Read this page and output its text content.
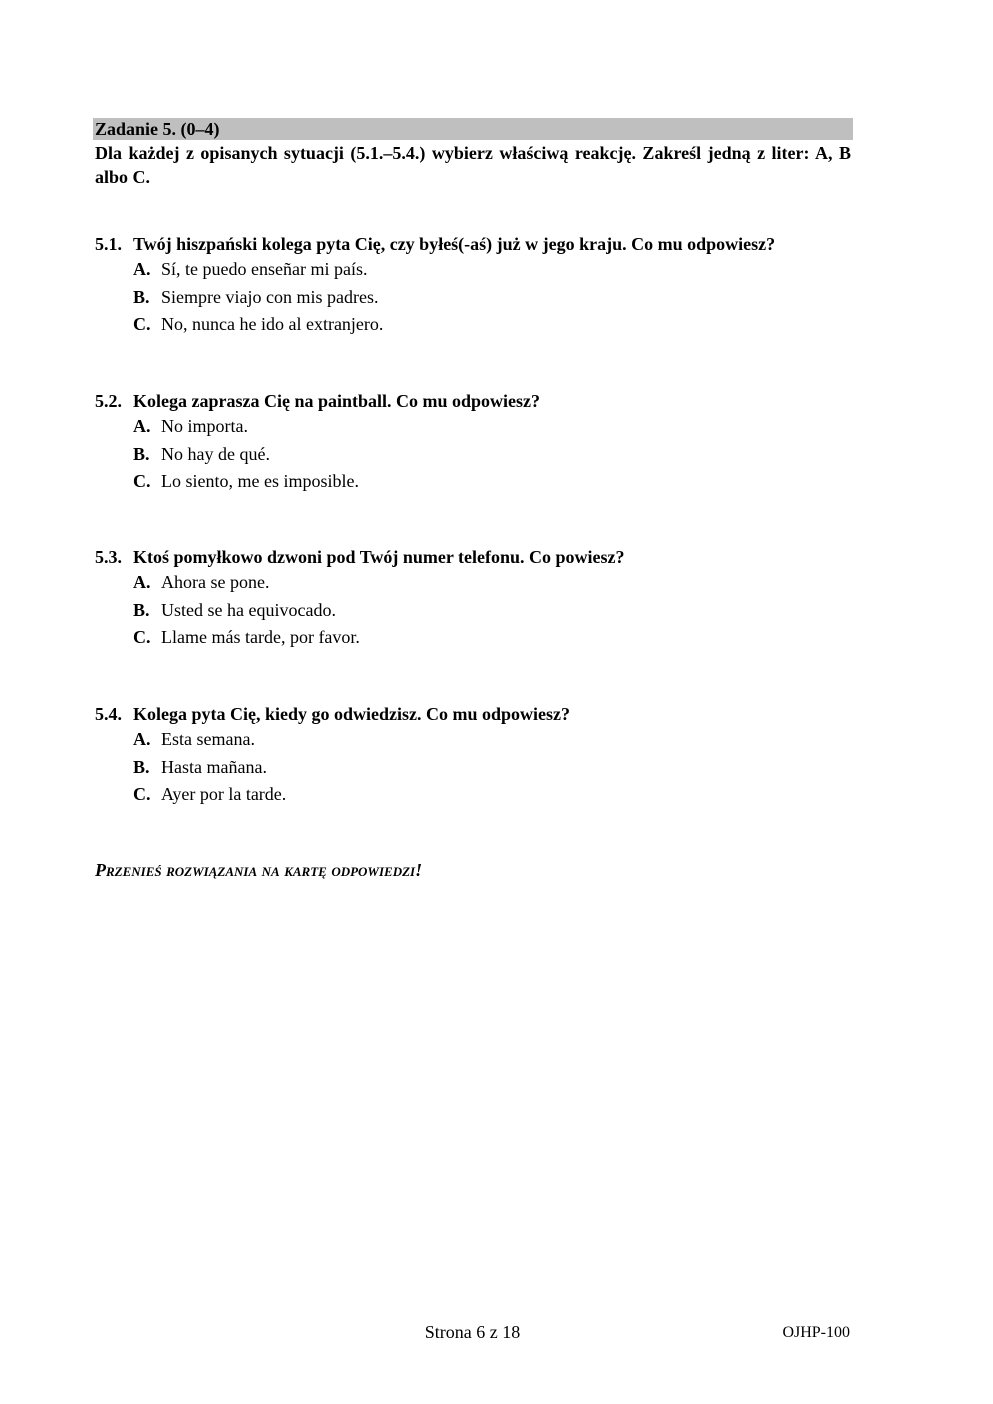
Zadanie 5. (0–4)
Dla każdej z opisanych sytuacji (5.1.–5.4.) wybierz właściwą reakcję. Zakreśl jedną z liter: A, B albo C.
5.1. Twój hiszpański kolega pyta Cię, czy byłeś(-aś) już w jego kraju. Co mu odpowiesz?
A. Sí, te puedo enseñar mi país.
B. Siempre viajo con mis padres.
C. No, nunca he ido al extranjero.
5.2. Kolega zaprasza Cię na paintball. Co mu odpowiesz?
A. No importa.
B. No hay de qué.
C. Lo siento, me es imposible.
5.3. Ktoś pomyłkowo dzwoni pod Twój numer telefonu. Co powiesz?
A. Ahora se pone.
B. Usted se ha equivocado.
C. Llame más tarde, por favor.
5.4. Kolega pyta Cię, kiedy go odwiedzisz. Co mu odpowiesz?
A. Esta semana.
B. Hasta mañana.
C. Ayer por la tarde.
Przenieś rozwiązania na kartę odpowiedzi!
Strona 6 z 18	OJHP-100
